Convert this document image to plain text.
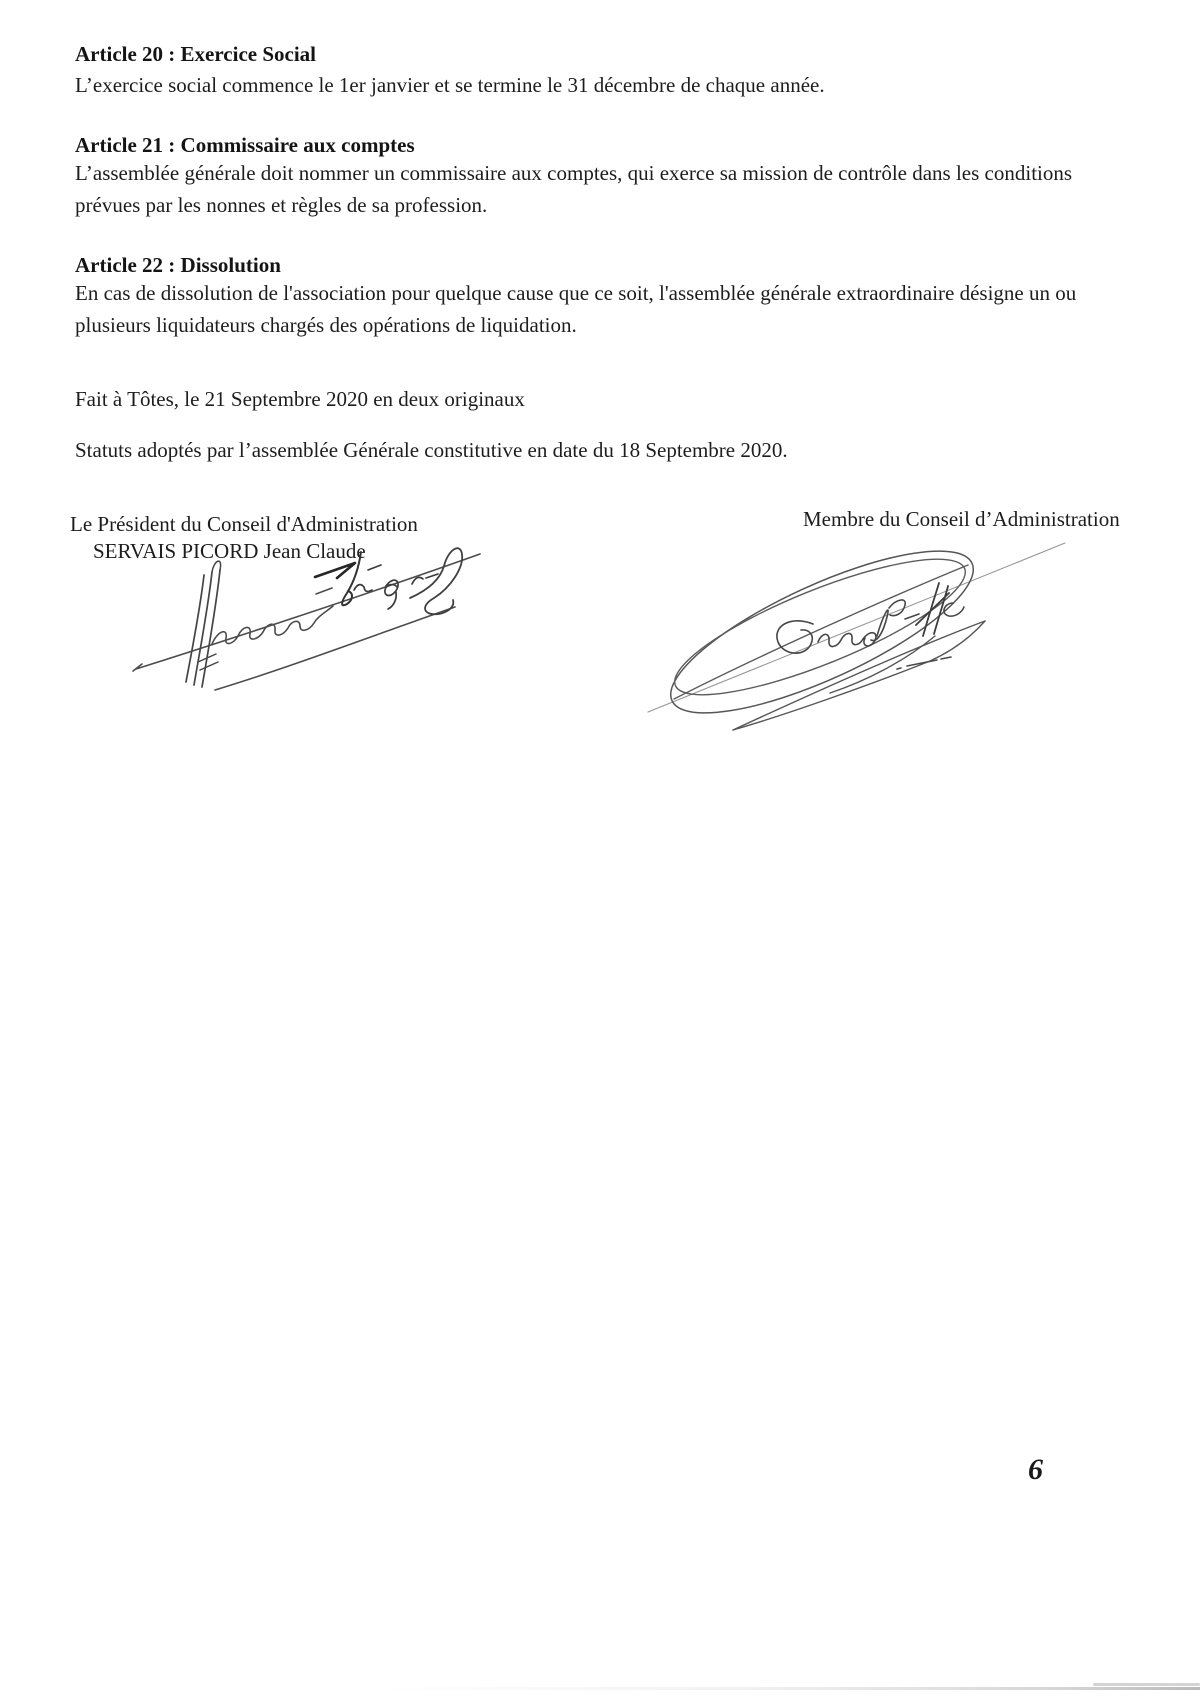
Article 20 : Exercice Social
L’exercice social commence le 1er janvier et se termine le 31 décembre de chaque année.
Article 21 : Commissaire aux comptes
L’assemblée générale doit nommer un commissaire aux comptes, qui exerce sa mission de contrôle dans les conditions
prévues par les nonnes et règles de sa profession.
Article 22 : Dissolution
En cas de dissolution de l'association pour quelque cause que ce soit, l'assemblée générale extraordinaire désigne un ou
plusieurs liquidateurs chargés des opérations de liquidation.
Fait à Tôtes, le 21 Septembre 2020 en deux originaux
Statuts adoptés par l’assemblée Générale constitutive en date du 18 Septembre 2020.
Le Président du Conseil d'Administration
SERVAIS PICORD Jean Claude
Membre du Conseil d’Administration
6
